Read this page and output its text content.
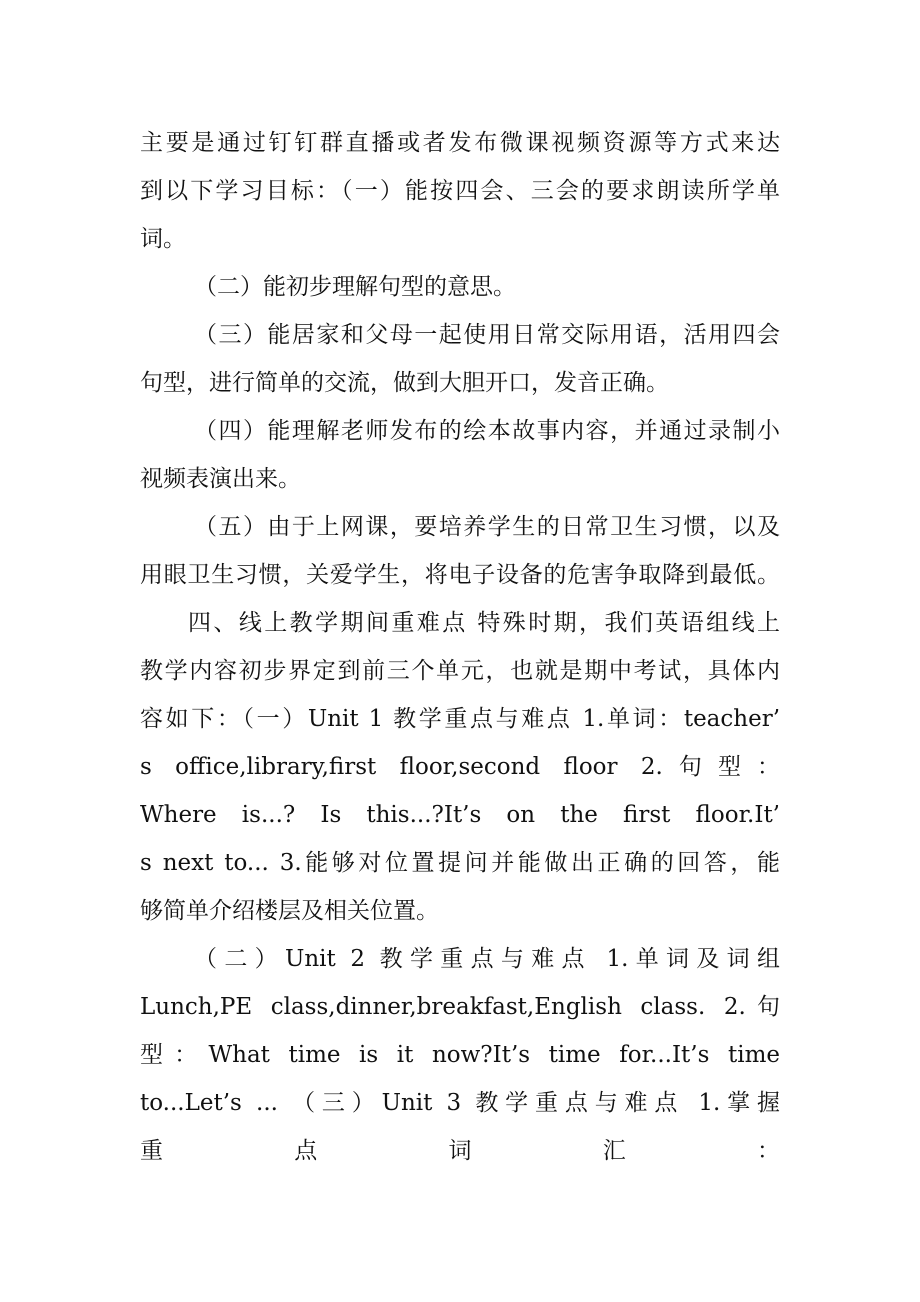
主要是通过钉钉群直播或者发布微课视频资源等方式来达
到以下学习目标：（一）能按四会、三会的要求朗读所学单
词。
（二）能初步理解句型的意思。
（三）能居家和父母一起使用日常交际用语，活用四会
句型，进行简单的交流，做到大胆开口，发音正确。
（四）能理解老师发布的绘本故事内容，并通过录制小
视频表演出来。
（五）由于上网课，要培养学生的日常卫生习惯，以及
用眼卫生习惯，关爱学生，将电子设备的危害争取降到最低。
四、线上教学期间重难点 特殊时期，我们英语组线上
教学内容初步界定到前三个单元，也就是期中考试，具体内
容如下：（一）Unit 1 教学重点与难点 1.单词：teacher’
s office,library,first floor,second floor 2.句型：
Where is...? Is this...?It’s on the first floor.It’
s next to... 3.能够对位置提问并能做出正确的回答，能
够简单介绍楼层及相关位置。
（二）Unit 2 教学重点与难点 1.单词及词组
Lunch,PE class,dinner,breakfast,English class. 2.句
型：What time is it now?It’s time for...It’s time
to...Let’s ... （三）Unit 3 教学重点与难点 1.掌握
重 点 词 汇 ：
